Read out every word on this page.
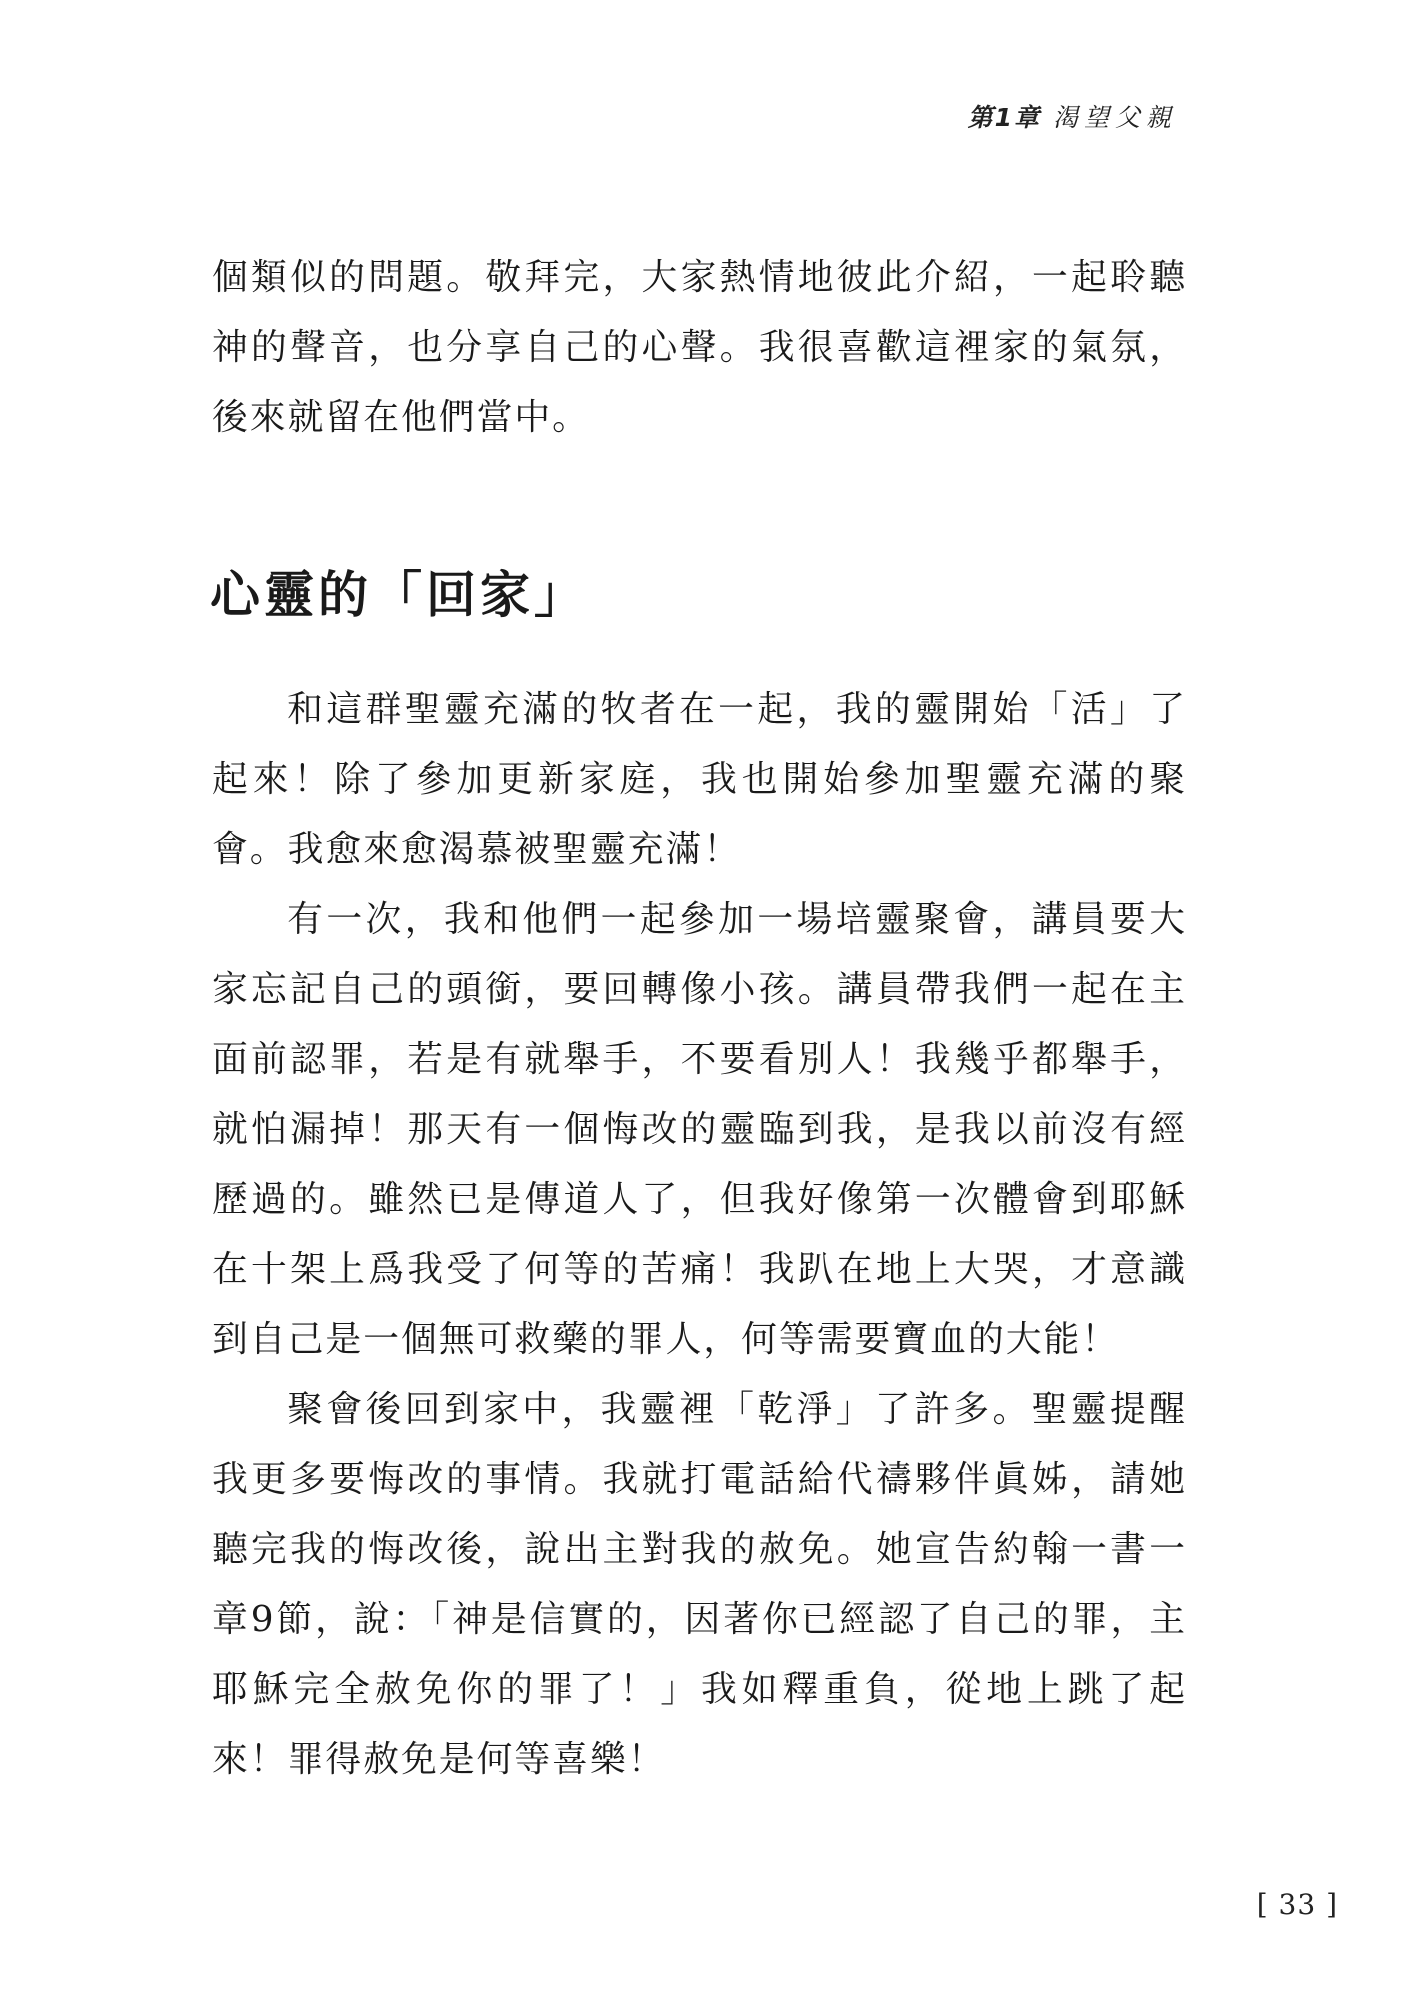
第1章 渴望父親

個類似的問題。敬拜完，大家熱情地彼此介紹，一起聆聽神的聲音，也分享自己的心聲。我很喜歡這裡家的氣氛，後來就留在他們當中。

心靈的「回家」

和這群聖靈充滿的牧者在一起，我的靈開始「活」了起來！除了參加更新家庭，我也開始參加聖靈充滿的聚會。我愈來愈渴慕被聖靈充滿！

有一次，我和他們一起參加一場培靈聚會，講員要大家忘記自己的頭銜，要回轉像小孩。講員帶我們一起在主面前認罪，若是有就舉手，不要看別人！我幾乎都舉手，就怕漏掉！那天有一個悔改的靈臨到我，是我以前沒有經歷過的。雖然已是傳道人了，但我好像第一次體會到耶穌在十架上爲我受了何等的苦痛！我趴在地上大哭，才意識到自己是一個無可救藥的罪人，何等需要寶血的大能！

聚會後回到家中，我靈裡「乾淨」了許多。聖靈提醒我更多要悔改的事情。我就打電話給代禱夥伴眞姊，請她聽完我的悔改後，說出主對我的赦免。她宣告約翰一書一章9節，說：「神是信實的，因著你已經認了自己的罪，主耶穌完全赦免你的罪了！」我如釋重負，從地上跳了起來！罪得赦免是何等喜樂！

[ 33 ]
